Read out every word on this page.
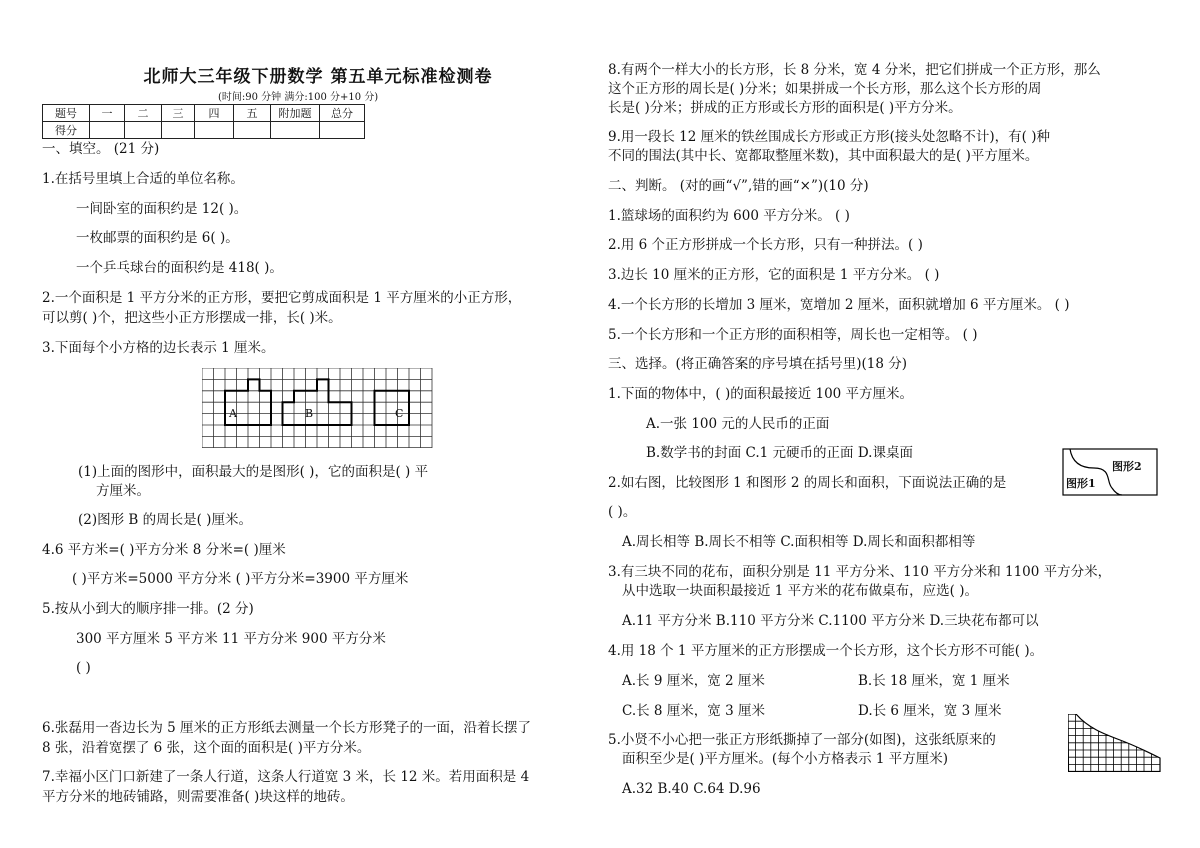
北师大三年级下册数学 第五单元标准检测卷
(时间:90 分钟 满分:100 分+10 分)
题号	一	二	三	四	五	附加题	总分
得分							
一、填空。 (21 分)
1.在括号里填上合适的单位名称。
一间卧室的面积约是 12( )。
一枚邮票的面积约是 6( )。
一个乒乓球台的面积约是 418( )。
2.一个面积是 1 平方分米的正方形，要把它剪成面积是 1 平方厘米的小正方形，
可以剪( )个，把这些小正方形摆成一排，长( )米。
3.下面每个小方格的边长表示 1 厘米。
A	B	C
(1)上面的图形中，面积最大的是图形( )，它的面积是( ) 平
方厘米。
(2)图形 B 的周长是( )厘米。
4.6 平方米=( )平方分米 8 分米=( )厘米
( )平方米=5000 平方分米 ( )平方分米=3900 平方厘米
5.按从小到大的顺序排一排。(2 分)
300 平方厘米 5 平方米 11 平方分米 900 平方分米
( )
6.张磊用一沓边长为 5 厘米的正方形纸去测量一个长方形凳子的一面，沿着长摆了
8 张，沿着宽摆了 6 张，这个面的面积是( )平方分米。
7.幸福小区门口新建了一条人行道，这条人行道宽 3 米，长 12 米。若用面积是 4
平方分米的地砖铺路，则需要准备( )块这样的地砖。
8.有两个一样大小的长方形，长 8 分米，宽 4 分米，把它们拼成一个正方形，那么
这个正方形的周长是( )分米；如果拼成一个长方形，那么这个长方形的周
长是( )分米；拼成的正方形或长方形的面积是( )平方分米。
9.用一段长 12 厘米的铁丝围成长方形或正方形(接头处忽略不计)，有( )种
不同的围法(其中长、宽都取整厘米数)，其中面积最大的是( )平方厘米。
二、判断。 (对的画“√”,错的画“×”)(10 分)
1.篮球场的面积约为 600 平方分米。 ( )
2.用 6 个正方形拼成一个长方形，只有一种拼法。( )
3.边长 10 厘米的正方形，它的面积是 1 平方分米。 ( )
4.一个长方形的长增加 3 厘米，宽增加 2 厘米，面积就增加 6 平方厘米。 ( )
5.一个长方形和一个正方形的面积相等，周长也一定相等。 ( )
三、选择。(将正确答案的序号填在括号里)(18 分)
1.下面的物体中，( )的面积最接近 100 平方厘米。
A.一张 100 元的人民币的正面
B.数学书的封面 C.1 元硬币的正面 D.课桌面
2.如右图，比较图形 1 和图形 2 的周长和面积，下面说法正确的是
( )。
图形2
图形1
A.周长相等 B.周长不相等 C.面积相等 D.周长和面积都相等
3.有三块不同的花布，面积分别是 11 平方分米、110 平方分米和 1100 平方分米，
从中选取一块面积最接近 1 平方米的花布做桌布，应选( )。
A.11 平方分米 B.110 平方分米 C.1100 平方分米 D.三块花布都可以
4.用 18 个 1 平方厘米的正方形摆成一个长方形，这个长方形不可能( )。
A.长 9 厘米，宽 2 厘米	B.长 18 厘米，宽 1 厘米
C.长 8 厘米，宽 3 厘米	D.长 6 厘米，宽 3 厘米
5.小贤不小心把一张正方形纸撕掉了一部分(如图)，这张纸原来的
面积至少是( )平方厘米。(每个小方格表示 1 平方厘米)
A.32 B.40 C.64 D.96
